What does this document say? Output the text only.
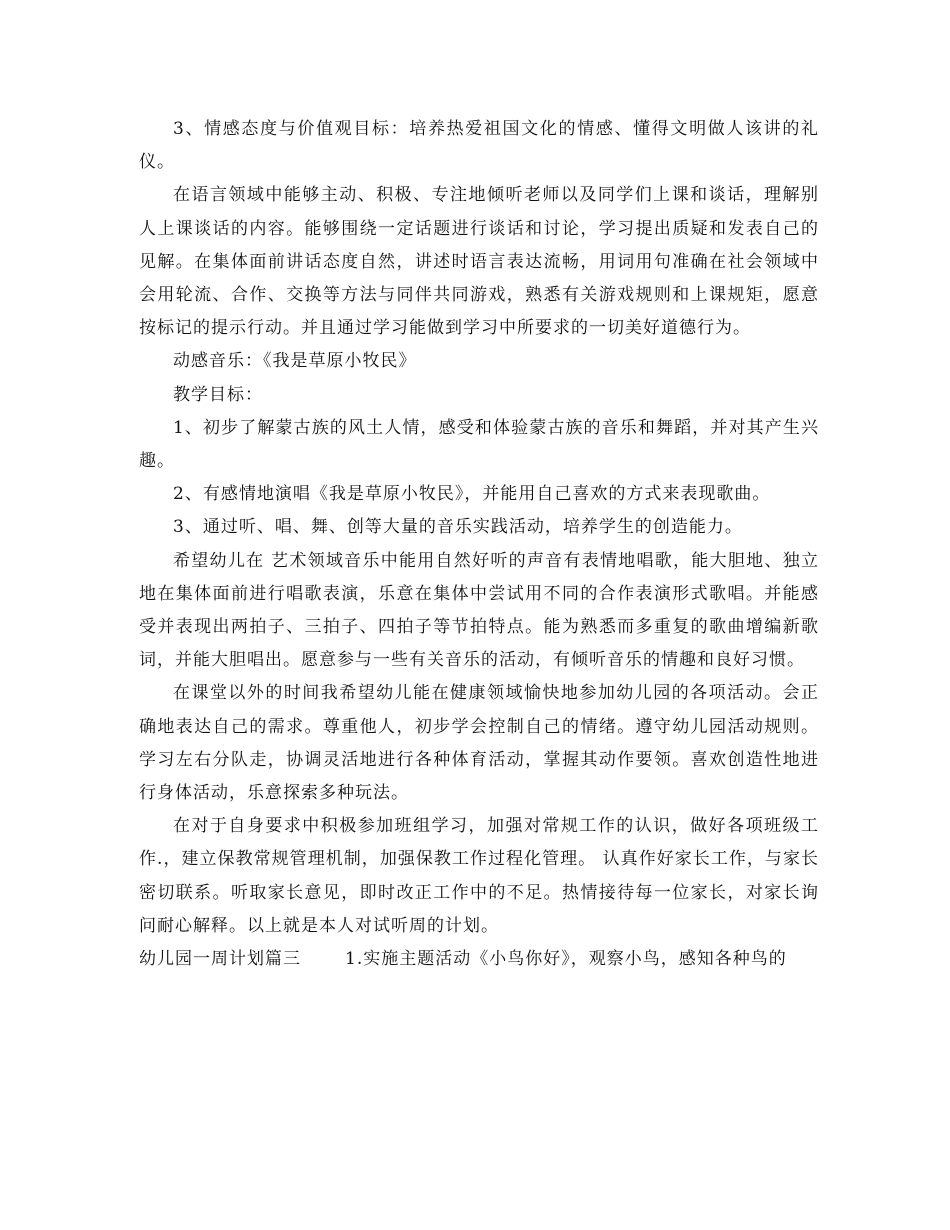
3、情感态度与价值观目标：培养热爱祖国文化的情感、懂得文明做人该讲的礼仪。

在语言领域中能够主动、积极、专注地倾听老师以及同学们上课和谈话，理解别人上课谈话的内容。能够围绕一定话题进行谈话和讨论，学习提出质疑和发表自己的见解。在集体面前讲话态度自然，讲述时语言表达流畅，用词用句准确在社会领域中会用轮流、合作、交换等方法与同伴共同游戏，熟悉有关游戏规则和上课规矩，愿意按标记的提示行动。并且通过学习能做到学习中所要求的一切美好道德行为。

动感音乐：《我是草原小牧民》

教学目标：

1、初步了解蒙古族的风土人情，感受和体验蒙古族的音乐和舞蹈，并对其产生兴趣。

2、有感情地演唱《我是草原小牧民》，并能用自己喜欢的方式来表现歌曲。

3、通过听、唱、舞、创等大量的音乐实践活动，培养学生的创造能力。

希望幼儿在 艺术领域音乐中能用自然好听的声音有表情地唱歌，能大胆地、独立地在集体面前进行唱歌表演，乐意在集体中尝试用不同的合作表演形式歌唱。并能感受并表现出两拍子、三拍子、四拍子等节拍特点。能为熟悉而多重复的歌曲增编新歌词，并能大胆唱出。愿意参与一些有关音乐的活动，有倾听音乐的情趣和良好习惯。

在课堂以外的时间我希望幼儿能在健康领域愉快地参加幼儿园的各项活动。会正确地表达自己的需求。尊重他人，初步学会控制自己的情绪。遵守幼儿园活动规则。学习左右分队走，协调灵活地进行各种体育活动，掌握其动作要领。喜欢创造性地进行身体活动，乐意探索多种玩法。

在对于自身要求中积极参加班组学习，加强对常规工作的认识，做好各项班级工作.，建立保教常规管理机制，加强保教工作过程化管理。 认真作好家长工作，与家长密切联系。听取家长意见，即时改正工作中的不足。热情接待每一位家长，对家长询问耐心解释。以上就是本人对试听周的计划。

幼儿园一周计划篇三	1.实施主题活动《小鸟你好》，观察小鸟，感知各种鸟的
